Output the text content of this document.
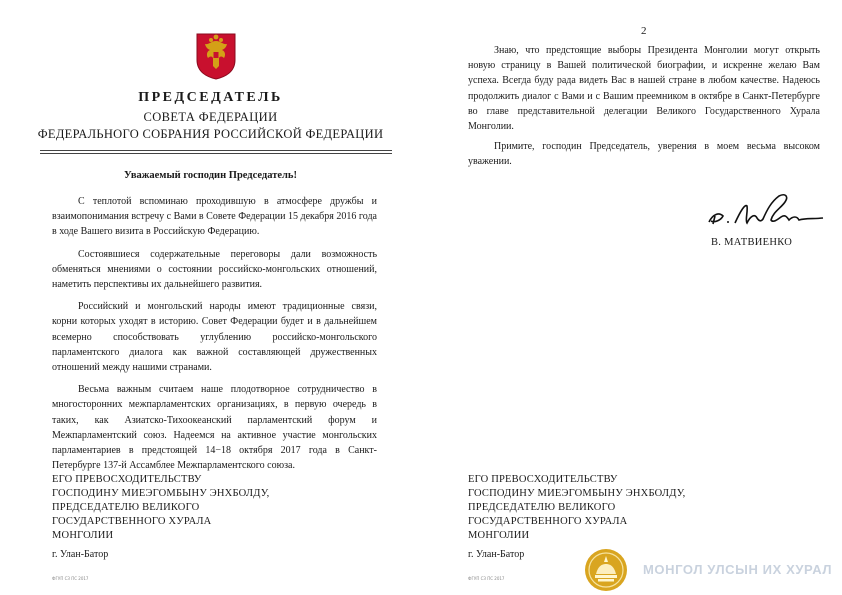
ПРЕДСЕДАТЕЛЬ
СОВЕТА ФЕДЕРАЦИИ
ФЕДЕРАЛЬНОГО СОБРАНИЯ РОССИЙСКОЙ ФЕДЕРАЦИИ
Уважаемый господин Председатель!

С теплотой вспоминаю проходившую в атмосфере дружбы и взаимопонимания встречу с Вами в Совете Федерации 15 декабря 2016 года в ходе Вашего визита в Российскую Федерацию.

Состоявшиеся содержательные переговоры дали возможность обменяться мнениями о состоянии российско-монгольских отношений, наметить перспективы их дальнейшего развития.

Российский и монгольский народы имеют традиционные связи, корни которых уходят в историю. Совет Федерации будет и в дальнейшем всемерно способствовать углублению российско-монгольского парламентского диалога как важной составляющей дружественных отношений между нашими странами.

Весьма важным считаем наше плодотворное сотрудничество в многосторонних межпарламентских организациях, в первую очередь в таких, как Азиатско-Тихоокеанский парламентский форум и Межпарламентский союз. Надеемся на активное участие монгольских парламентариев в предстоящей 14−18 октября 2017 года в Санкт-Петербурге 137-й Ассамблее Межпарламентского союза.

ЕГО ПРЕВОСХОДИТЕЛЬСТВУ
ГОСПОДИНУ МИЕЭГОМБЫНУ ЭНХБОЛДУ,
ПРЕДСЕДАТЕЛЮ ВЕЛИКОГО
ГОСУДАРСТВЕННОГО ХУРАЛА
МОНГОЛИИ
г. Улан-Батор
ФГУП СЗ ПС 2017
2

Знаю, что предстоящие выборы Президента Монголии могут открыть новую страницу в Вашей политической биографии, и искренне желаю Вам успеха. Всегда буду рада видеть Вас в нашей стране в любом качестве. Надеюсь продолжить диалог с Вами и с Вашим преемником в октябре в Санкт-Петербурге во главе представительной делегации Великого Государственного Хурала Монголии.

Примите, господин Председатель, уверения в моем весьма высоком уважении.

В. МАТВИЕНКО
ЕГО ПРЕВОСХОДИТЕЛЬСТВУ
ГОСПОДИНУ МИЕЭГОМБЫНУ ЭНХБОЛДУ,
ПРЕДСЕДАТЕЛЮ ВЕЛИКОГО
ГОСУДАРСТВЕННОГО ХУРАЛА
МОНГОЛИИ
г. Улан-Батор
ФГУП СЗ ПС 2017
МОНГОЛ УЛСЫН ИХ ХУРАЛ
